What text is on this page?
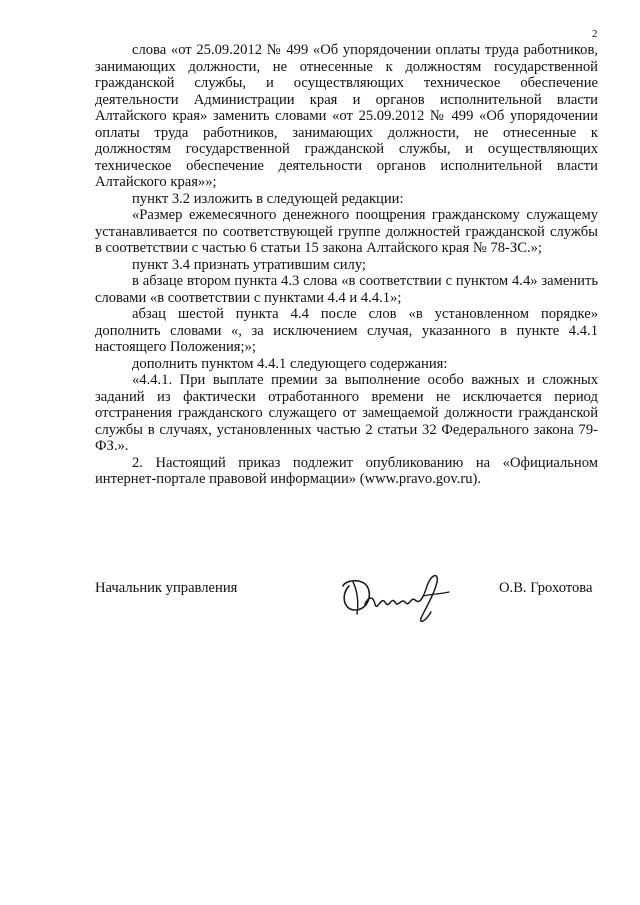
2

слова «от 25.09.2012 № 499 «Об упорядочении оплаты труда работников, занимающих должности, не отнесенные к должностям государственной гражданской службы, и осуществляющих техническое обеспечение деятельности Администрации края и органов исполнительной власти Алтайского края» заменить словами «от 25.09.2012 № 499 «Об упорядочении оплаты труда работников, занимающих должности, не отнесенные к должностям государственной гражданской службы, и осуществляющих техническое обеспечение деятельности органов исполнительной власти Алтайского края»»;

пункт 3.2 изложить в следующей редакции:

«Размер ежемесячного денежного поощрения гражданскому служащему устанавливается по соответствующей группе должностей гражданской службы в соответствии с частью 6 статьи 15 закона Алтайского края № 78-ЗС.»;

пункт 3.4 признать утратившим силу;

в абзаце втором пункта 4.3 слова «в соответствии с пунктом 4.4» заменить словами «в соответствии с пунктами 4.4 и 4.4.1»;

абзац шестой пункта 4.4 после слов «в установленном порядке» дополнить словами «, за исключением случая, указанного в пункте 4.4.1 настоящего Положения;»;

дополнить пунктом 4.4.1 следующего содержания:

«4.4.1. При выплате премии за выполнение особо важных и сложных заданий из фактически отработанного времени не исключается период отстранения гражданского служащего от замещаемой должности гражданской службы в случаях, установленных частью 2 статьи 32 Федерального закона 79-ФЗ.».

2. Настоящий приказ подлежит опубликованию на «Официальном интернет-портале правовой информации» (www.pravo.gov.ru).

Начальник управления	О.В. Грохотова
